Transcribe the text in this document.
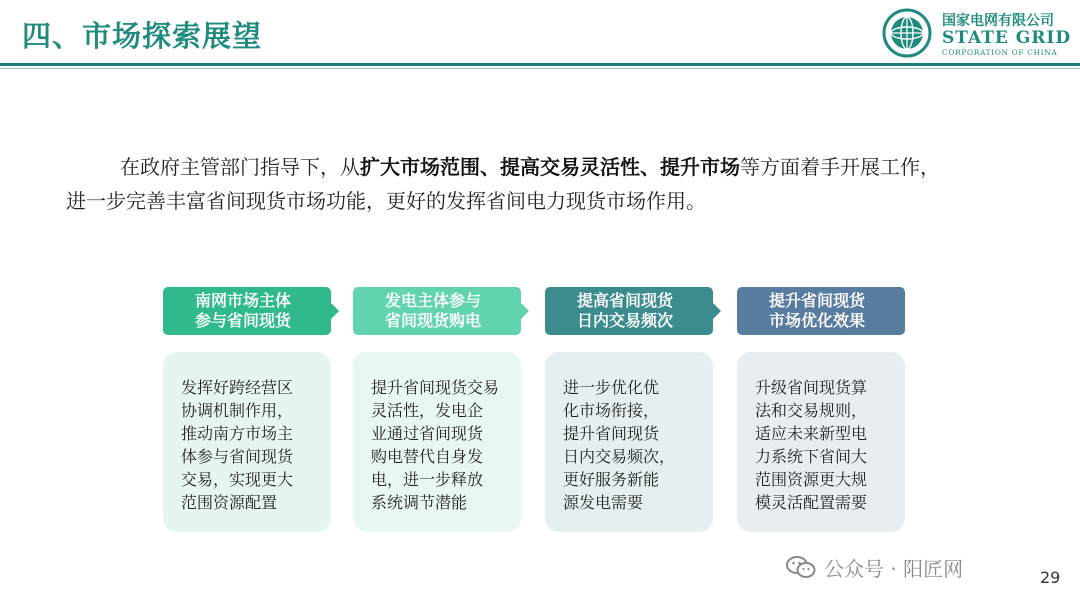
四、市场探索展望	国家电网有限公司
STATE GRID
CORPORATION OF CHINA
在政府主管部门指导下，从扩大市场范围、提高交易灵活性、提升市场等方面着手开展工作，
进一步完善丰富省间现货市场功能，更好的发挥省间电力现货市场作用。
南网市场主体
参与省间现货
发挥好跨经营区
协调机制作用，
推动南方市场主
体参与省间现货
交易，实现更大
范围资源配置
发电主体参与
省间现货购电
提升省间现货交易
灵活性，发电企
业通过省间现货
购电替代自身发
电，进一步释放
系统调节潜能
提高省间现货
日内交易频次
进一步优化优
化市场衔接，
提升省间现货
日内交易频次，
更好服务新能
源发电需要
提升省间现货
市场优化效果
升级省间现货算
法和交易规则，
适应未来新型电
力系统下省间大
范围资源更大规
模灵活配置需要
公众号 · 阳匠网	29
